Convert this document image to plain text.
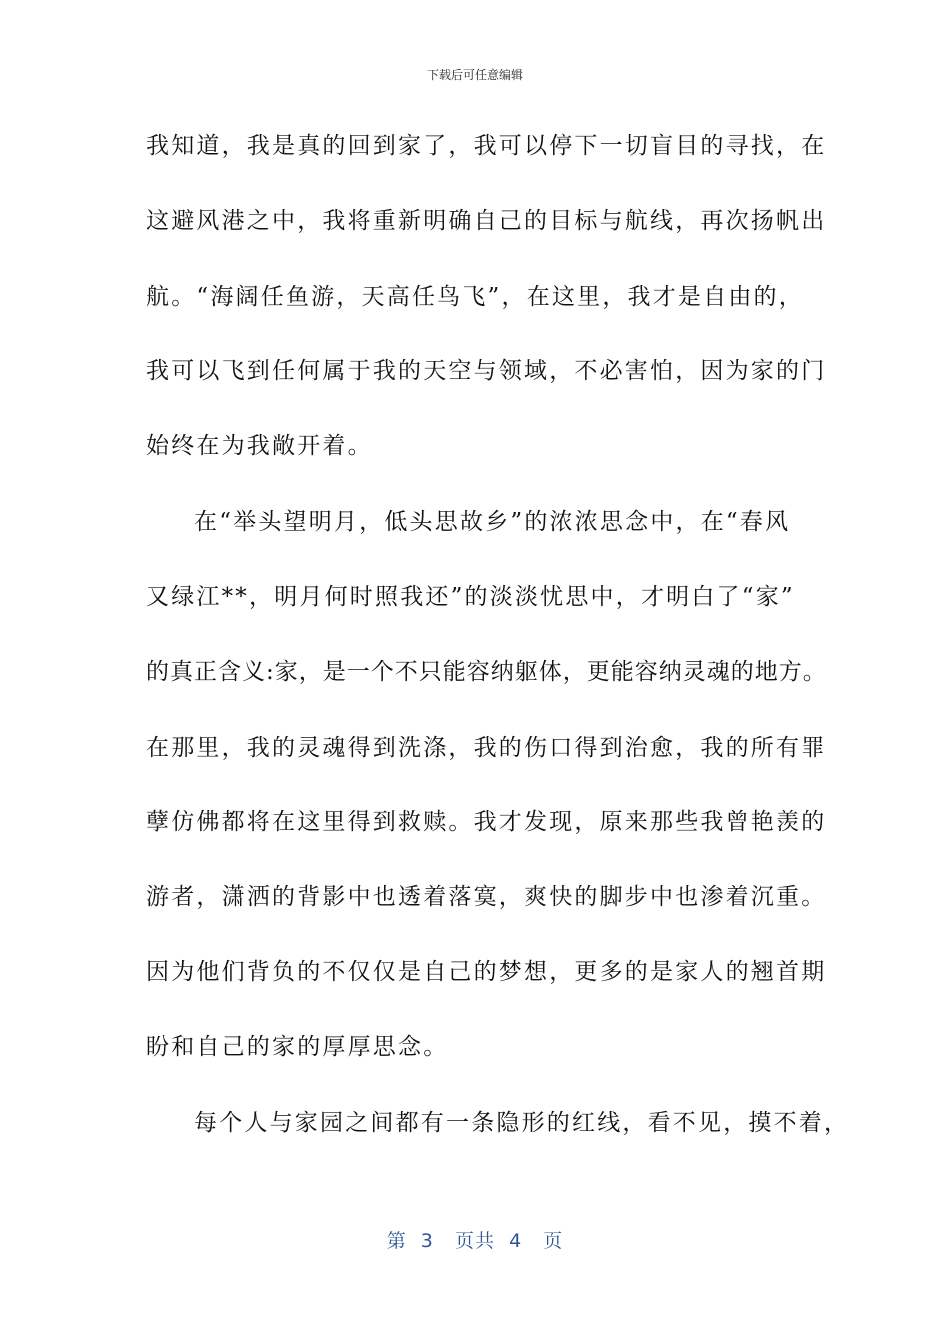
下载后可任意编辑
我知道，我是真的回到家了，我可以停下一切盲目的寻找，在
这避风港之中，我将重新明确自己的目标与航线，再次扬帆出
航。“海阔任鱼游，天高任鸟飞”，在这里，我才是自由的，
我可以飞到任何属于我的天空与领域，不必害怕，因为家的门
始终在为我敞开着。
在“举头望明月，低头思故乡”的浓浓思念中，在“春风
又绿江**，明月何时照我还”的淡淡忧思中，才明白了“家”
的真正含义:家，是一个不只能容纳躯体，更能容纳灵魂的地方。
在那里，我的灵魂得到洗涤，我的伤口得到治愈，我的所有罪
孽仿佛都将在这里得到救赎。我才发现，原来那些我曾艳羡的
游者，潇洒的背影中也透着落寞，爽快的脚步中也渗着沉重。
因为他们背负的不仅仅是自己的梦想，更多的是家人的翘首期
盼和自己的家的厚厚思念。
每个人与家园之间都有一条隐形的红线，看不见，摸不着，
第  3   页共  4   页
